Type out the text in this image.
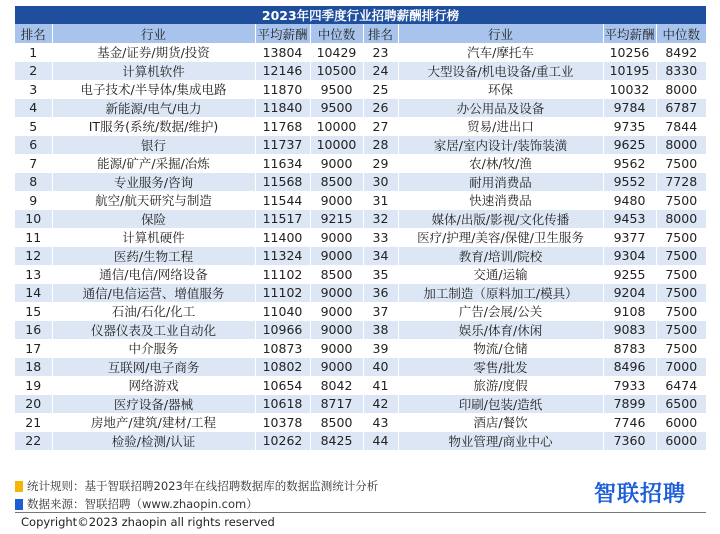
2023年四季度行业招聘薪酬排行榜							
排名	行业	平均薪酬	中位数	排名	行业	平均薪酬	中位数
1	基金/证券/期货/投资	13804	10429	23	汽车/摩托车	10256	8492
2	计算机软件	12146	10500	24	大型设备/机电设备/重工业	10195	8330
3	电子技术/半导体/集成电路	11870	9500	25	环保	10032	8000
4	新能源/电气/电力	11840	9500	26	办公用品及设备	9784	6787
5	IT服务(系统/数据/维护)	11768	10000	27	贸易/进出口	9735	7844
6	银行	11737	10000	28	家居/室内设计/装饰装潢	9625	8000
7	能源/矿产/采掘/冶炼	11634	9000	29	农/林/牧/渔	9562	7500
8	专业服务/咨询	11568	8500	30	耐用消费品	9552	7728
9	航空/航天研究与制造	11544	9000	31	快速消费品	9480	7500
10	保险	11517	9215	32	媒体/出版/影视/文化传播	9453	8000
11	计算机硬件	11400	9000	33	医疗/护理/美容/保健/卫生服务	9377	7500
12	医药/生物工程	11324	9000	34	教育/培训/院校	9304	7500
13	通信/电信/网络设备	11102	8500	35	交通/运输	9255	7500
14	通信/电信运营、增值服务	11102	9000	36	加工制造（原料加工/模具）	9204	7500
15	石油/石化/化工	11040	9000	37	广告/会展/公关	9108	7500
16	仪器仪表及工业自动化	10966	9000	38	娱乐/体育/休闲	9083	7500
17	中介服务	10873	9000	39	物流/仓储	8783	7500
18	互联网/电子商务	10802	9000	40	零售/批发	8496	7000
19	网络游戏	10654	8042	41	旅游/度假	7933	6474
20	医疗设备/器械	10618	8717	42	印刷/包装/造纸	7899	6500
21	房地产/建筑/建材/工程	10378	8500	43	酒店/餐饮	7746	6000
22	检验/检测/认证	10262	8425	44	物业管理/商业中心	7360	6000
统计规则：基于智联招聘2023年在线招聘数据库的数据监测统计分析
数据来源：智联招聘（www.zhaopin.com）	智联招聘
Copyright©2023 zhaopin all rights reserved
